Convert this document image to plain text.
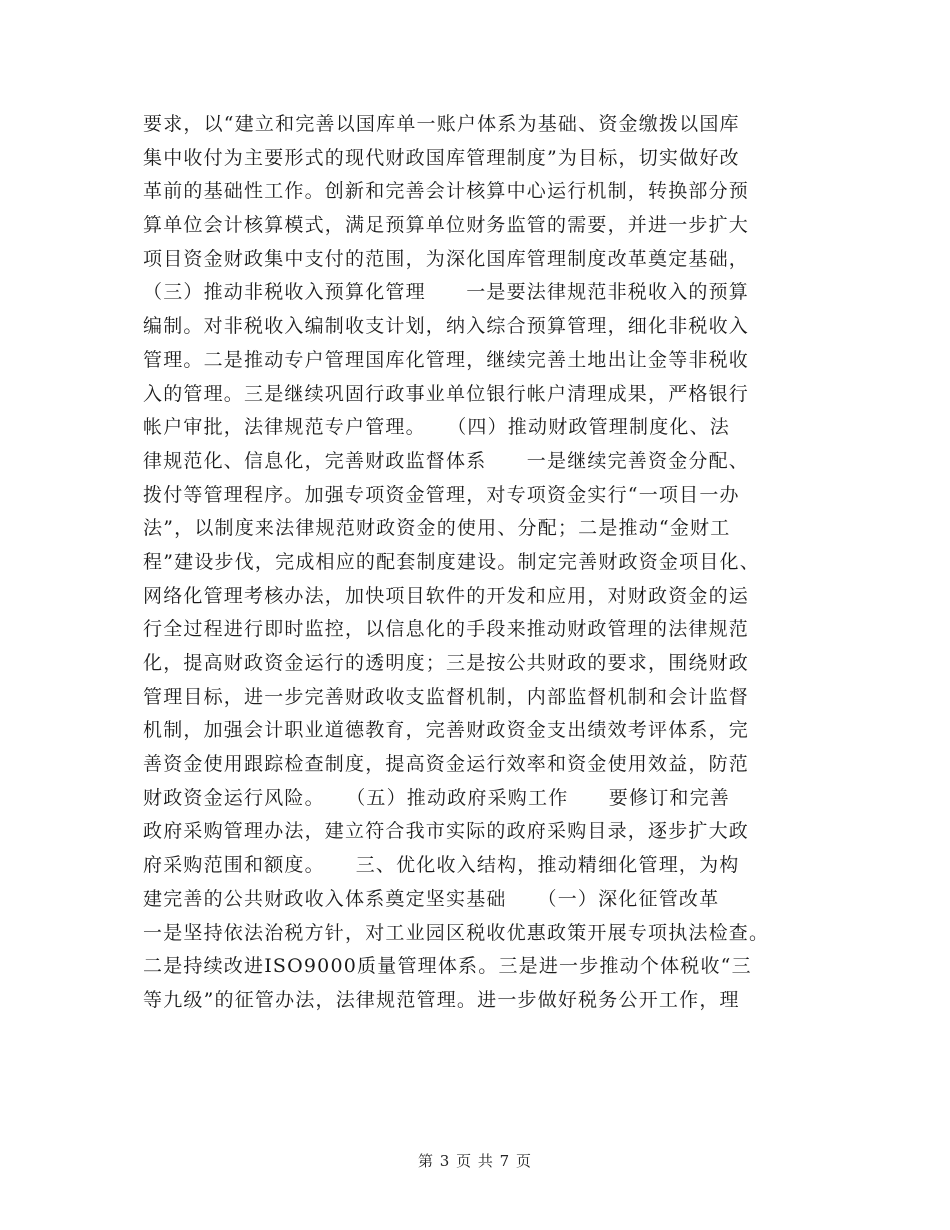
要求，以“建立和完善以国库单一账户体系为基础、资金缴拨以国库
集中收付为主要形式的现代财政国库管理制度”为目标，切实做好改
革前的基础性工作。创新和完善会计核算中心运行机制，转换部分预
算单位会计核算模式，满足预算单位财务监管的需要，并进一步扩大
项目资金财政集中支付的范围，为深化国库管理制度改革奠定基础，
（三）推动非税收入预算化管理　　一是要法律规范非税收入的预算
编制。对非税收入编制收支计划，纳入综合预算管理，细化非税收入
管理。二是推动专户管理国库化管理，继续完善土地出让金等非税收
入的管理。三是继续巩固行政事业单位银行帐户清理成果，严格银行
帐户审批，法律规范专户管理。　　（四）推动财政管理制度化、法
律规范化、信息化，完善财政监督体系　　一是继续完善资金分配、
拨付等管理程序。加强专项资金管理，对专项资金实行“一项目一办
法”，以制度来法律规范财政资金的使用、分配；二是推动“金财工
程”建设步伐，完成相应的配套制度建设。制定完善财政资金项目化、
网络化管理考核办法，加快项目软件的开发和应用，对财政资金的运
行全过程进行即时监控，以信息化的手段来推动财政管理的法律规范
化，提高财政资金运行的透明度；三是按公共财政的要求，围绕财政
管理目标，进一步完善财政收支监督机制，内部监督机制和会计监督
机制，加强会计职业道德教育，完善财政资金支出绩效考评体系，完
善资金使用跟踪检查制度，提高资金运行效率和资金使用效益，防范
财政资金运行风险。　　（五）推动政府采购工作　　要修订和完善
政府采购管理办法，建立符合我市实际的政府采购目录，逐步扩大政
府采购范围和额度。　　三、优化收入结构，推动精细化管理，为构
建完善的公共财政收入体系奠定坚实基础　　（一）深化征管改革
一是坚持依法治税方针，对工业园区税收优惠政策开展专项执法检查。
二是持续改进ISO9000质量管理体系。三是进一步推动个体税收“三
等九级”的征管办法，法律规范管理。进一步做好税务公开工作，理
第 3 页 共 7 页
